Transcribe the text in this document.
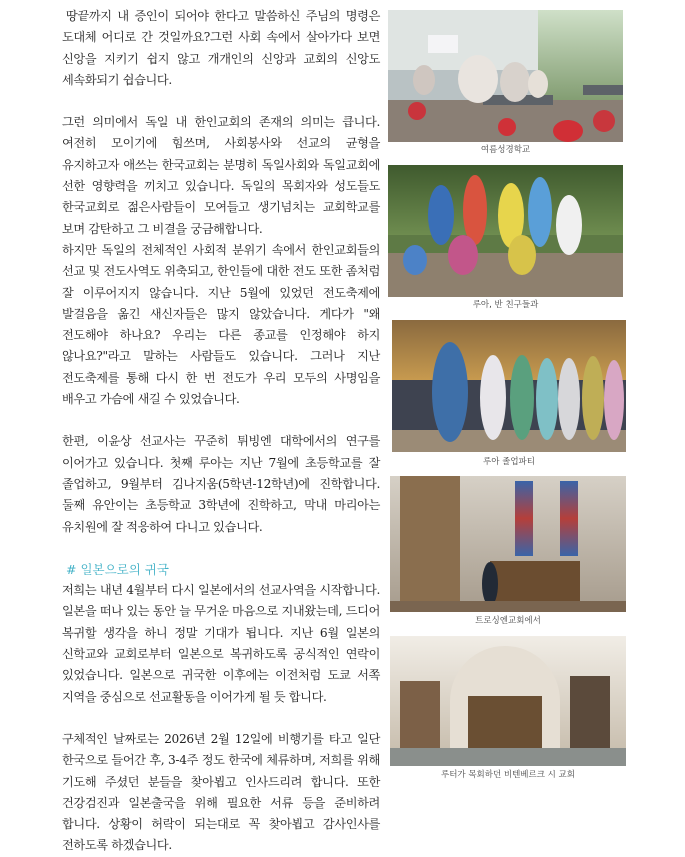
땅끝까지 내 증인이 되어야 한다고 말씀하신 주님의 명령은 도대체 어디로 간 것일까요?그런 사회 속에서 살아가다 보면 신앙을 지키기 쉽지 않고 개개인의 신앙과 교회의 신앙도 세속화되기 쉽습니다.

그런 의미에서 독일 내 한인교회의 존재의 의미는 큽니다. 여전히 모이기에 힘쓰며, 사회봉사와 선교의 균형을 유지하고자 애쓰는 한국교회는 분명히 독일사회와 독일교회에 선한 영향력을 끼치고 있습니다. 독일의 목회자와 성도들도 한국교회로 젊은사람들이 모여들고 생기넘치는 교회학교를 보며 감탄하고 그 비결을 궁금해합니다.

하지만 독일의 전체적인 사회적 분위기 속에서 한인교회들의 선교 및 전도사역도 위축되고, 한인들에 대한 전도 또한 좀처럼 잘 이루어지지 않습니다. 지난 5월에 있었던 전도축제에 발걸음을 옮긴 새신자들은 많지 않았습니다. 게다가 "왜 전도해야 하나요? 우리는 다른 종교를 인정해야 하지 않나요?"라고 말하는 사람들도 있습니다. 그러나 지난 전도축제를 통해 다시 한 번 전도가 우리 모두의 사명임을 배우고 가슴에 새길 수 있었습니다.

한편, 이윤상 선교사는 꾸준히 튀빙엔 대학에서의 연구를 이어가고 있습니다. 첫째 루아는 지난 7월에 초등학교를 잘 졸업하고, 9월부터 김나지움(5학년-12학년)에 진학합니다. 둘째 유안이는 초등학교 3학년에 진학하고, 막내 마리아는 유치원에 잘 적응하여 다니고 있습니다.

# 일본으로의 귀국

저희는 내년 4월부터 다시 일본에서의 선교사역을 시작합니다. 일본을 떠나 있는 동안 늘 무거운 마음으로 지내왔는데, 드디어 복귀할 생각을 하니 정말 기대가 됩니다. 지난 6월 일본의 신학교와 교회로부터 일본으로 복귀하도록 공식적인 연락이 있었습니다. 일본으로 귀국한 이후에는 이전처럼 도쿄 서쪽 지역을 중심으로 선교활동을 이어가게 될 듯 합니다.

구체적인 날짜로는 2026년 2월 12일에 비행기를 타고 일단 한국으로 들어간 후, 3-4주 정도 한국에 체류하며, 저희를 위해 기도해 주셨던 분들을 찾아뵙고 인사드리려 합니다. 또한 건강검진과 일본출국을 위해 필요한 서류 등을 준비하려 합니다. 상황이 허락이 되는대로 꼭 찾아뵙고 감사인사를 전하도록 하겠습니다.

여름성경학교
루아, 반 친구들과
루아 졸업파티
트로싱엔교회에서
루터가 목회하던 비텐베르크 시 교회
